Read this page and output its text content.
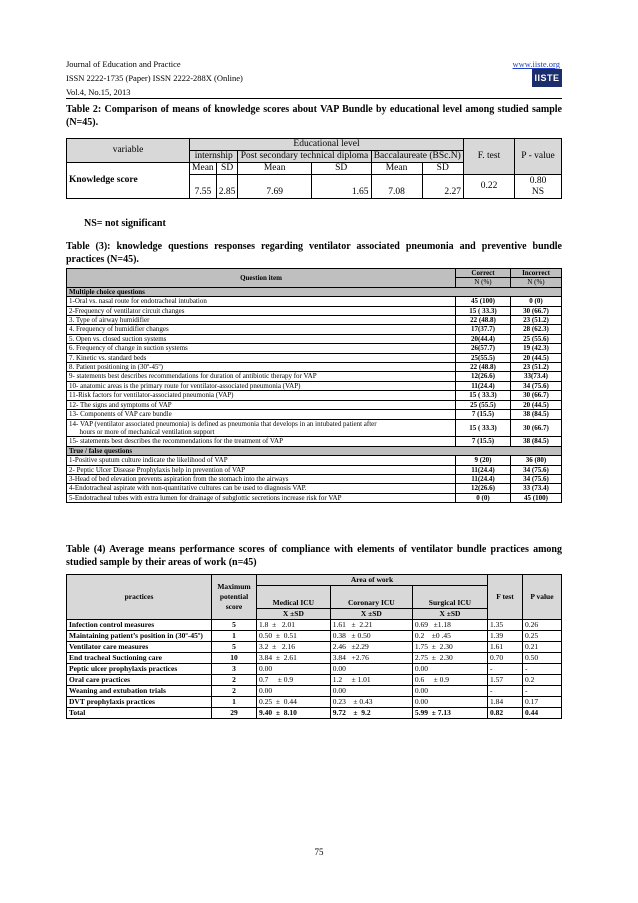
Journal of Education and Practice
ISSN 2222-1735 (Paper) ISSN 2222-288X (Online)
Vol.4, No.15, 2013
www.iiste.org
IISTE
Table 2: Comparison of means of knowledge scores about VAP Bundle by educational level among studied sample (N=45).
variable	Educational level						F. test	P - value
	internship		Post secondary technical diploma		Baccalaureate (BSc.N)			
Knowledge score	Mean	SD	Mean	SD	Mean	SD		
	7.55	2.85	7.69	1.65	7.08	2.27	0.22	0.80
NS
NS= not significant
Table (3): knowledge questions responses regarding ventilator associated pneumonia and preventive bundle practices (N=45).
Question item	Correct	Incorrect
	N (%)	N (%)
Multiple choice questions		
1-Oral vs. nasal route for endotracheal intubation	45 (100)	0 (0)
2-Frequency of ventilator circuit changes	15 ( 33.3)	30 (66.7)
3. Type of airway humidifier	22 (48.8)	23 (51.2)
4. Frequency of humidifier changes	17(37.7)	28 (62.3)
5. Open vs. closed suction systems	20(44.4)	25 (55.6)
6. Frequency of change in suction systems	26(57.7)	19 (42.3)
7. Kinetic vs. standard beds	25(55.5)	20 (44.5)
8. Patient positioning in (30º-45º)	22 (48.8)	23 (51.2)
9- statements best describes recommendations for duration of antibiotic therapy for VAP	12(26.6)	33(73.4)
10- anatomic areas is the primary route for ventilator-associated pneumonia (VAP)	11(24.4)	34 (75.6)
11-Risk factors for ventilator-associated pneumonia (VAP)	15 ( 33.3)	30 (66.7)
12- The signs and symptoms of VAP	25 (55.5)	20 (44.5)
13- Components of VAP care bundle	7 (15.5)	38 (84.5)

14- VAP (ventilator associated pneumonia) is defined as pneumonia that develops in an intubated patient after
hours or more of mechanical ventilation support	15 ( 33.3)	30 (66.7)
15- statements best describes the recommendations for the treatment of VAP	7 (15.5)	38 (84.5)
True / false questions		
1-Positive sputum culture indicate the likelihood of VAP	9 (20)	36 (80)
2- Peptic Ulcer Disease Prophylaxis help in prevention of VAP	11(24.4)	34 (75.6)
3-Head of bed elevation prevents aspiration from the stomach into the airways	11(24.4)	34 (75.6)
4-Endotracheal aspirate with non-quantitative cultures can be used to diagnosis VAP.	12(26.6)	33 (73.4)
5-Endotracheal tubes with extra lumen for drainage of subglottic secretions increase risk for VAP	0 (0)	45 (100)
Table (4) Average means performance scores of compliance with elements of ventilator bundle practices among studied sample by their areas of work (n=45)
practices	Maximum potential score	Area of work			F test	P value
		Medical ICU	Coronary ICU	Surgical ICU		
		X ±SD	X ±SD	X ±SD		
Infection control measures	5	1.8  ±   2.01	1.61   ±  2.21	0.69   ±1.18	1.35	0.26
Maintaining patient’s position in (30º-45º)	1	0.50  ±  0.51	0.38   ± 0.50	0.2    ±0 .45	1.39	0.25
Ventilator care measures	5	3.2  ±   2.16	2.46   ±2.29	1.75  ±  2.30	1.61	0.21
End tracheal Suctioning care	10	3.84  ±  2.61	3.84   +2.76	2.75  ±  2.30	0.70	0.50
Peptic ulcer prophylaxis practices	3	0.00	0.00	0.00	-	-
Oral care practices	2	0.7     ± 0.9	1.2     ± 1.01	0.6     ± 0.9	1.57	0.2
Weaning and extubation trials	2	0.00	0.00	0.00	-	-
DVT prophylaxis practices	1	0.25  ±  0.44	0.23    ± 0.43	0.00	1.84	0.17
Total	29	9.40  ±  8.10	9.72    ±  9.2	5.99  ± 7.13	0.82	0.44
75
